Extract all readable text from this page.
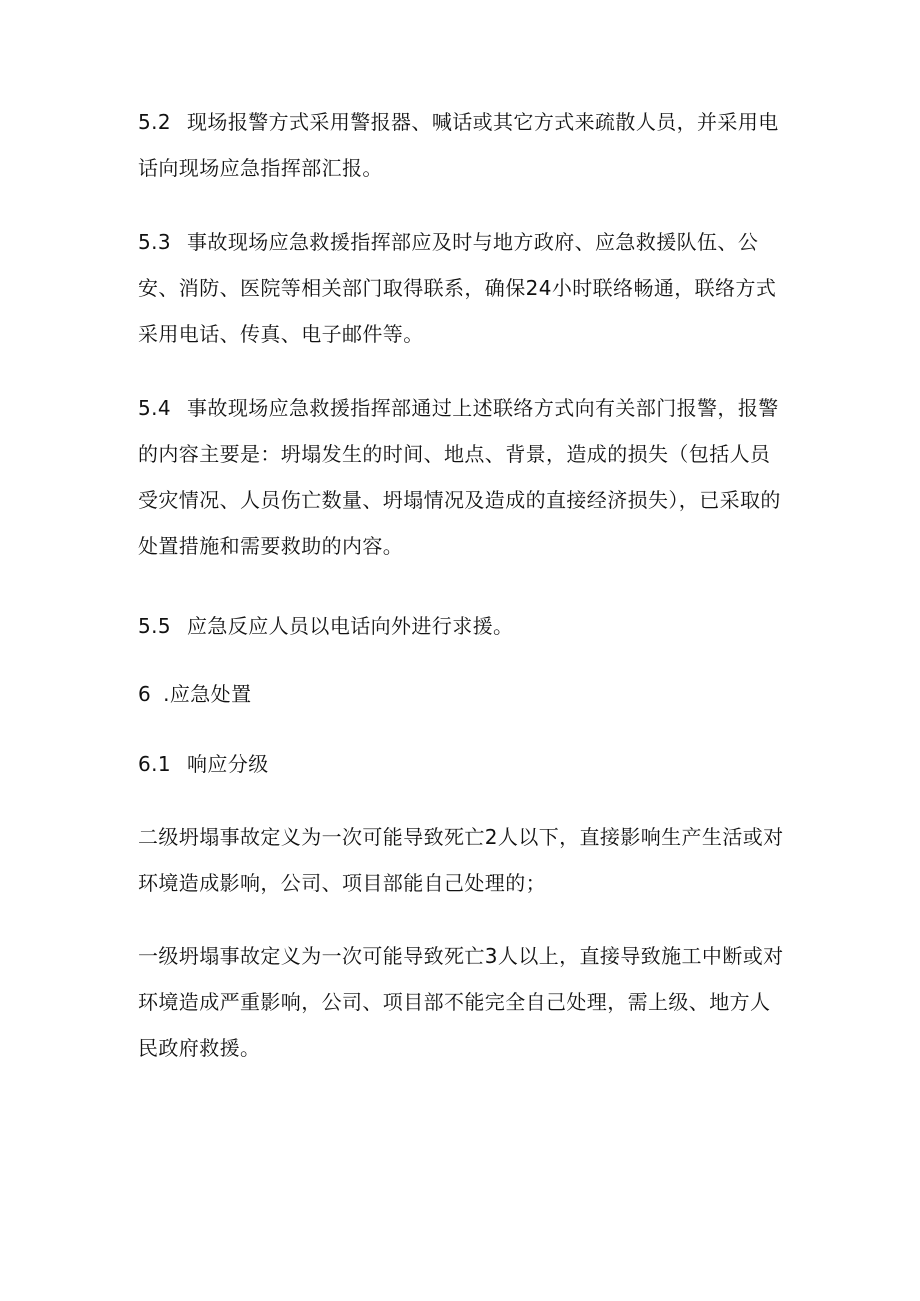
5.2 现场报警方式采用警报器、喊话或其它方式来疏散人员，并采用电话向现场应急指挥部汇报。

5.3 事故现场应急救援指挥部应及时与地方政府、应急救援队伍、公安、消防、医院等相关部门取得联系，确保24小时联络畅通，联络方式采用电话、传真、电子邮件等。

5.4 事故现场应急救援指挥部通过上述联络方式向有关部门报警，报警的内容主要是：坍塌发生的时间、地点、背景，造成的损失（包括人员受灾情况、人员伤亡数量、坍塌情况及造成的直接经济损失），已采取的处置措施和需要救助的内容。

5.5 应急反应人员以电话向外进行求援。

6 .应急处置

6.1 响应分级

二级坍塌事故定义为一次可能导致死亡2人以下，直接影响生产生活或对环境造成影响，公司、项目部能自己处理的；

一级坍塌事故定义为一次可能导致死亡3人以上，直接导致施工中断或对环境造成严重影响，公司、项目部不能完全自己处理，需上级、地方人民政府救援。
